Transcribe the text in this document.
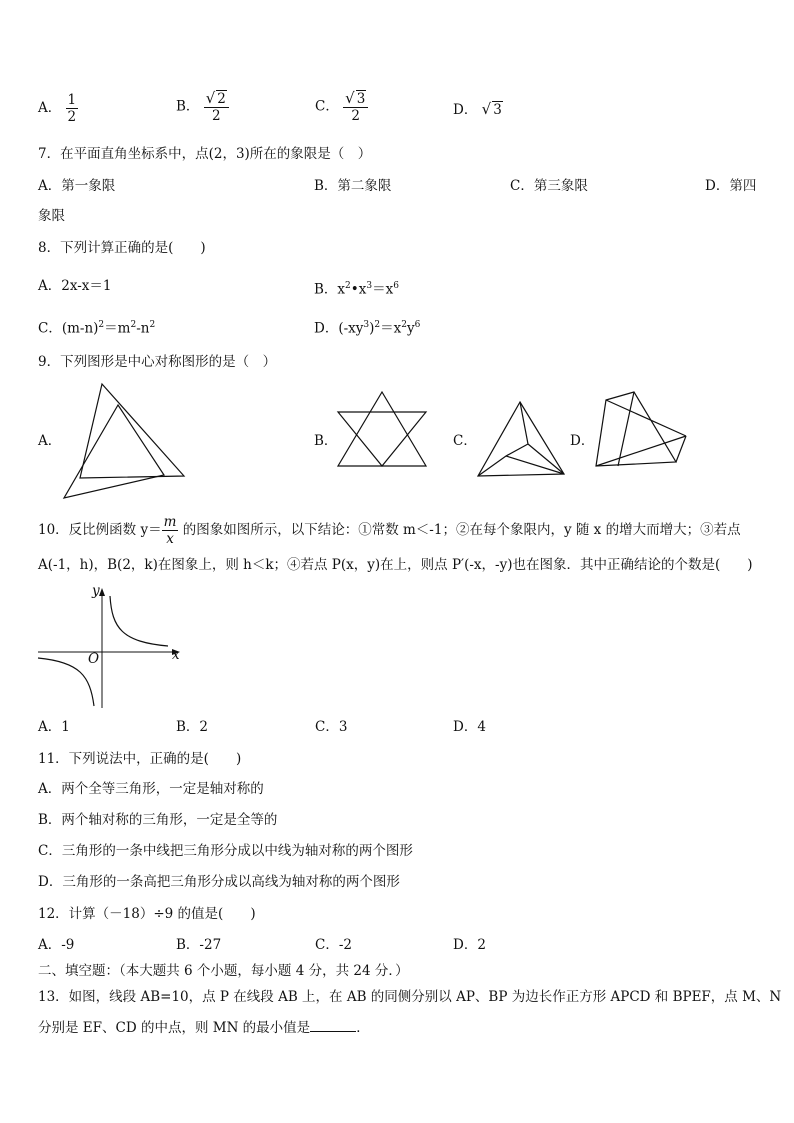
A． $\frac{1}{2}$	B． $\frac{√ 2}{2}$	C． $\frac{√ 3}{2}$	D． √ 3
7．在平面直角坐标系中，点(2，3)所在的象限是（　）
A．第一象限	B．第二象限	C．第三象限	D．第四
象限
8．下列计算正确的是(　　)
A．2x-x＝1	B．$x^2•x^3=x^6$
C．$(m-n)^2=m^2-n^2$	D．$(-xy^3)^2=x^2y^6$
9．下列图形是中心对称图形的是（　）
A．	B．	C．	D．
10．反比例函数 $y= \frac{m}{x}$ 的图象如图所示，以下结论：①常数 m＜-1；②在每个象限内，y 随 x 的增大而增大；③若点
A(-1，h)，B(2，k)在图象上，则 h＜k；④若点 P(x，y)在上，则点 P′(-x，-y)也在图象．其中正确结论的个数是(　　)
y
x
O
A．1	B．2	C．3	D．4
11．下列说法中，正确的是(　　)
A．两个全等三角形，一定是轴对称的
B．两个轴对称的三角形，一定是全等的
C．三角形的一条中线把三角形分成以中线为轴对称的两个图形
D．三角形的一条高把三角形分成以高线为轴对称的两个图形
12．计算（－18）÷9 的值是(　　)
A．-9	B．-27	C．-2	D．2
二、填空题：（本大题共 6 个小题，每小题 4 分，共 24 分．）
13．如图，线段 AB=10，点 P 在线段 AB 上，在 AB 的同侧分别以 AP、BP 为边长作正方形 APCD 和 BPEF，点 M、N
分别是 EF、CD 的中点，则 MN 的最小值是	．
